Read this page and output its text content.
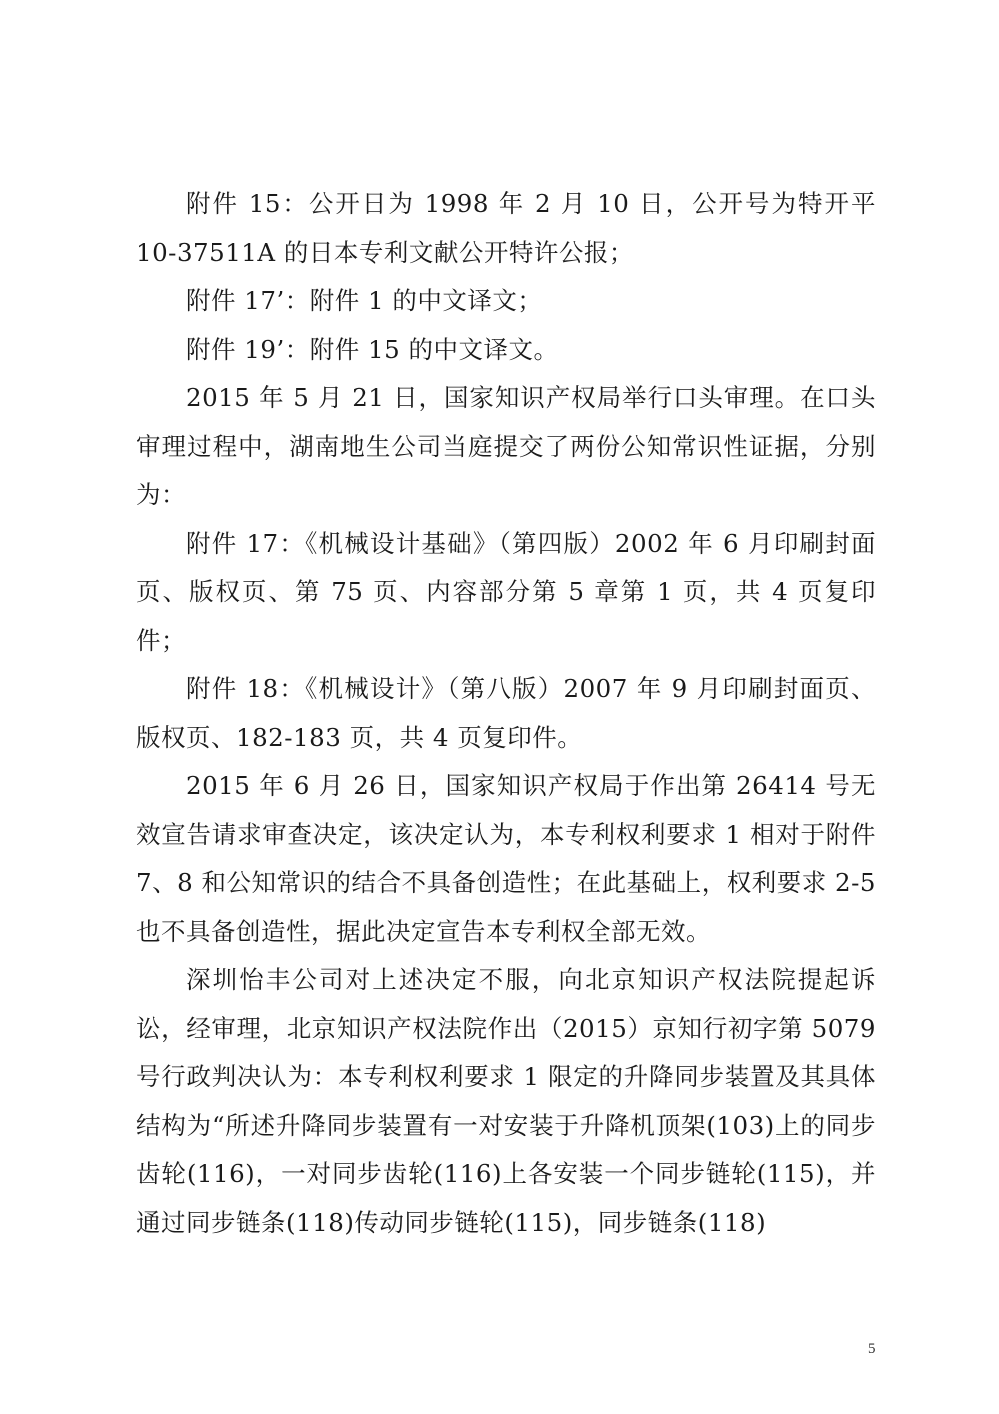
附件 15：公开日为 1998 年 2 月 10 日，公开号为特开平 10-37511A 的日本专利文献公开特许公报；

附件 17’：附件 1 的中文译文；

附件 19’：附件 15 的中文译文。

2015 年 5 月 21 日，国家知识产权局举行口头审理。在口头审理过程中，湖南地生公司当庭提交了两份公知常识性证据，分别为：

附件 17：《机械设计基础》（第四版）2002 年 6 月印刷封面页、版权页、第 75 页、内容部分第 5 章第 1 页，共 4 页复印件；

附件 18：《机械设计》（第八版）2007 年 9 月印刷封面页、版权页、182-183 页，共 4 页复印件。

2015 年 6 月 26 日，国家知识产权局于作出第 26414 号无效宣告请求审查决定，该决定认为，本专利权利要求 1 相对于附件 7、8 和公知常识的结合不具备创造性；在此基础上，权利要求 2-5 也不具备创造性，据此决定宣告本专利权全部无效。

深圳怡丰公司对上述决定不服，向北京知识产权法院提起诉讼，经审理，北京知识产权法院作出（2015）京知行初字第 5079 号行政判决认为：本专利权利要求 1 限定的升降同步装置及其具体结构为“所述升降同步装置有一对安装于升降机顶架(103)上的同步齿轮(116)，一对同步齿轮(116)上各安装一个同步链轮(115)，并通过同步链条(118)传动同步链轮(115)，同步链条(118)

5
